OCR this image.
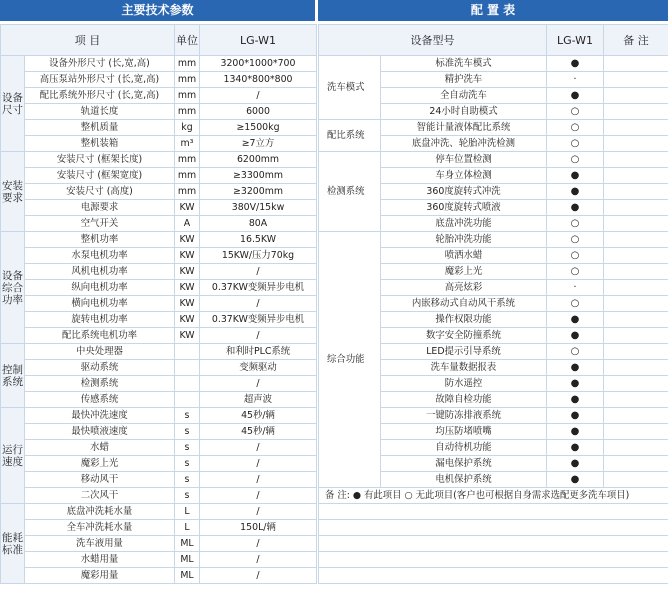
主要技术参数	配 置 表
项 目		单位	LG-W1
设备尺寸	设备外形尺寸 (长,宽,高)	mm	3200*1000*700
	高压泵站外形尺寸 (长,宽,高)	mm	1340*800*800
	配比系统外形尺寸 (长,宽,高)	mm	/
	轨道长度	mm	6000
	整机质量	kg	≥1500kg
	整机装箱	m³	≥7立方
安装要求	安装尺寸 (框架长度)	mm	6200mm
	安装尺寸 (框架宽度)	mm	≥3300mm
	安装尺寸 (高度)	mm	≥3200mm
	电源要求	KW	380V/15kw
	空气开关	A	80A
设备综合功率	整机功率	KW	16.5KW
	水泵电机功率	KW	15KW/压力70kg
	风机电机功率	KW	/
	纵向电机功率	KW	0.37KW变频异步电机
	横向电机功率	KW	/
	旋转电机功率	KW	0.37KW变频异步电机
	配比系统电机功率	KW	/
控制系统	中央处理器		和利时PLC系统
	驱动系统		变频驱动
	检测系统		/
	传感系统		超声波
运行速度	最快冲洗速度	s	45秒/辆
	最快喷液速度	s	45秒/辆
	水蜡	s	/
	魔彩上光	s	/
	移动风干	s	/
	二次风干	s	/
能耗标准	底盘冲洗耗水量	L	/
	全车冲洗耗水量	L	150L/辆
	洗车液用量	ML	/
	水蜡用量	ML	/
	魔彩用量	ML	/
设备型号		LG-W1	备 注
洗车模式	标准洗车模式	●	
	精护洗车	·	
	全自动洗车	●	
	24小时自助模式	○	
配比系统	智能计量液体配比系统	○	
	底盘冲洗、轮胎冲洗检测	○	
检测系统	停车位置检测	○	
	车身立体检测	●	
	360度旋转式冲洗	●	
	360度旋转式喷液	●	
	底盘冲洗功能	○	
综合功能	轮胎冲洗功能	○	
	喷洒水蜡	○	
	魔彩上光	○	
	高亮炫彩	·	
	内嵌移动式自动风干系统	○	
	操作权限功能	●	
	数字安全防撞系统	●	
	LED提示引导系统	○	
	洗车量数据报表	●	
	防水遥控	●	
	故障自检功能	●	
	一键防冻排液系统	●	
	均压防堵喷嘴	●	
	自动待机功能	●	
	漏电保护系统	●	
	电机保护系统	●	
备 注: ● 有此项目 ○ 无此项目(客户也可根据自身需求选配更多洗车项目)			
